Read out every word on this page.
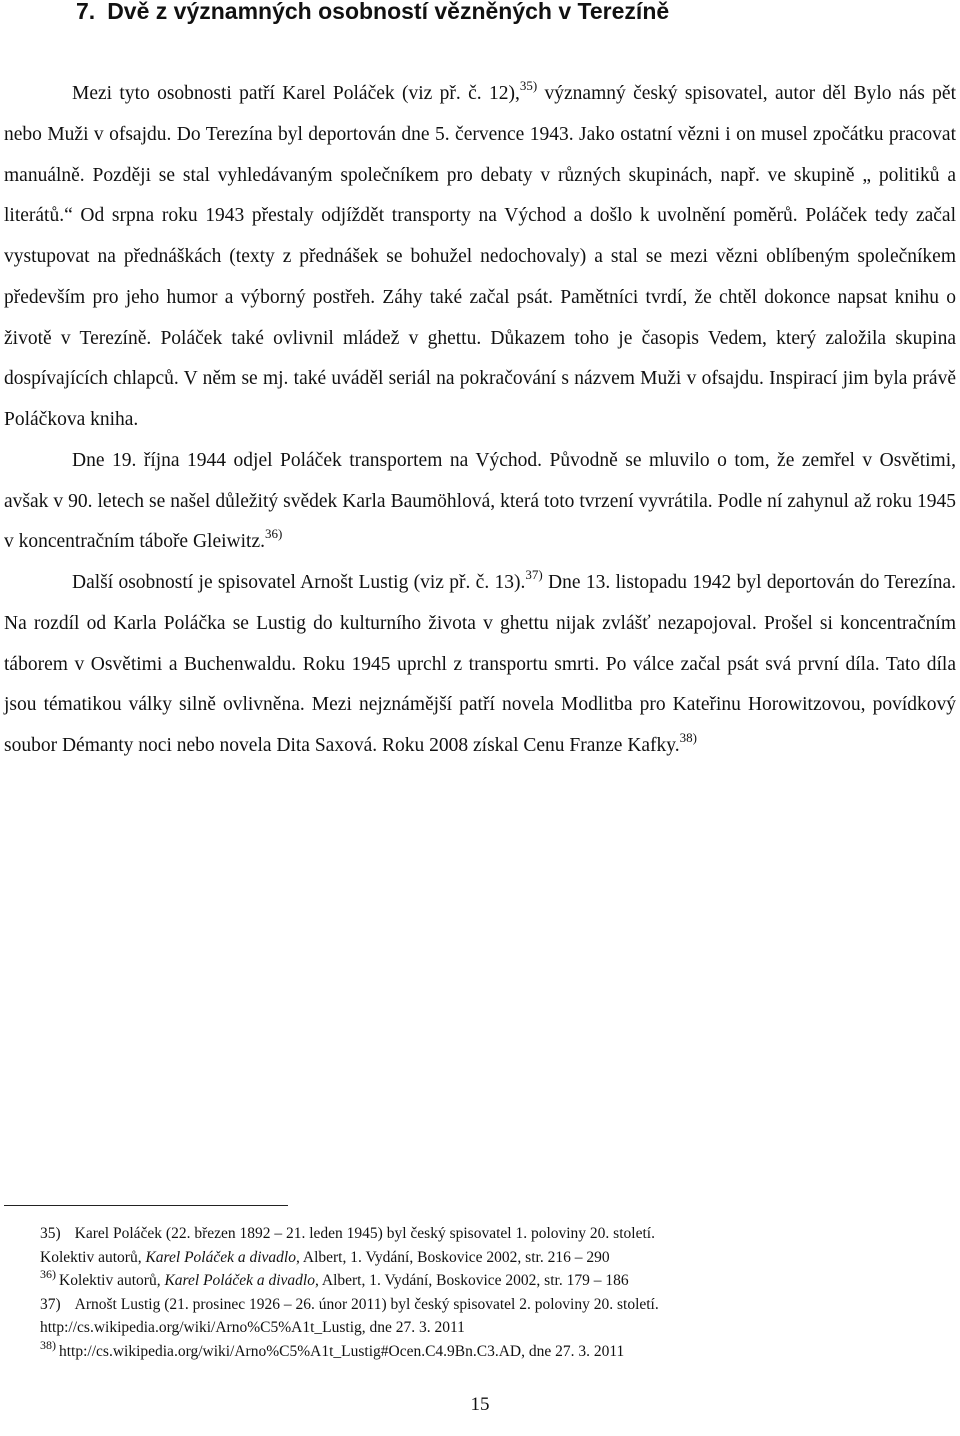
7. Dvě z významných osobností vězněných v Terezíně

Mezi tyto osobnosti patří Karel Poláček (viz př. č. 12),$^{35)}$ významný český spisovatel, autor děl Bylo nás pět nebo Muži v ofsajdu. Do Terezína byl deportován dne 5. července 1943. Jako ostatní vězni i on musel zpočátku pracovat manuálně. Později se stal vyhledávaným společníkem pro debaty v různých skupinách, např. ve skupině „ politiků a literátů.“ Od srpna roku 1943 přestaly odjíždět transporty na Východ a došlo k uvolnění poměrů. Poláček tedy začal vystupovat na přednáškách (texty z přednášek se bohužel nedochovaly) a stal se mezi vězni oblíbeným společníkem především pro jeho humor a výborný postřeh. Záhy také začal psát. Pamětníci tvrdí, že chtěl dokonce napsat knihu o životě v Terezíně. Poláček také ovlivnil mládež v ghettu. Důkazem toho je časopis Vedem, který založila skupina dospívajících chlapců. V něm se mj. také uváděl seriál na pokračování s názvem Muži v ofsajdu. Inspirací jim byla právě Poláčkova kniha.

Dne 19. října 1944 odjel Poláček transportem na Východ. Původně se mluvilo o tom, že zemřel v Osvětimi, avšak v 90. letech se našel důležitý svědek Karla Baumöhlová, která toto tvrzení vyvrátila. Podle ní zahynul až roku 1945 v koncentračním táboře Gleiwitz.$^{36)}$

Další osobností je spisovatel Arnošt Lustig (viz př. č. 13).$^{37)}$ Dne 13. listopadu 1942 byl deportován do Terezína. Na rozdíl od Karla Poláčka se Lustig do kulturního života v ghettu nijak zvlášť nezapojoval. Prošel si koncentračním táborem v Osvětimi a Buchenwaldu. Roku 1945 uprchl z transportu smrti. Po válce začal psát svá první díla. Tato díla jsou tématikou války silně ovlivněna. Mezi nejznámější patří novela Modlitba pro Kateřinu Horowitzovou, povídkový soubor Démanty noci nebo novela Dita Saxová. Roku 2008 získal Cenu Franze Kafky.$^{38)}$

35) Karel Poláček (22. březen 1892 – 21. leden 1945) byl český spisovatel 1. poloviny 20. století.

Kolektiv autorů, Karel Poláček a divadlo, Albert, 1. Vydání, Boskovice 2002, str. 216 – 290

$^{36)}$ Kolektiv autorů, Karel Poláček a divadlo, Albert, 1. Vydání, Boskovice 2002, str. 179 – 186

37) Arnošt Lustig (21. prosinec 1926 – 26. únor 2011) byl český spisovatel 2. poloviny 20. století.

http://cs.wikipedia.org/wiki/Arno%C5%A1t_Lustig, dne 27. 3. 2011

$^{38)}$ http://cs.wikipedia.org/wiki/Arno%C5%A1t_Lustig#Ocen.C4.9Bn.C3.AD, dne 27. 3. 2011

15
